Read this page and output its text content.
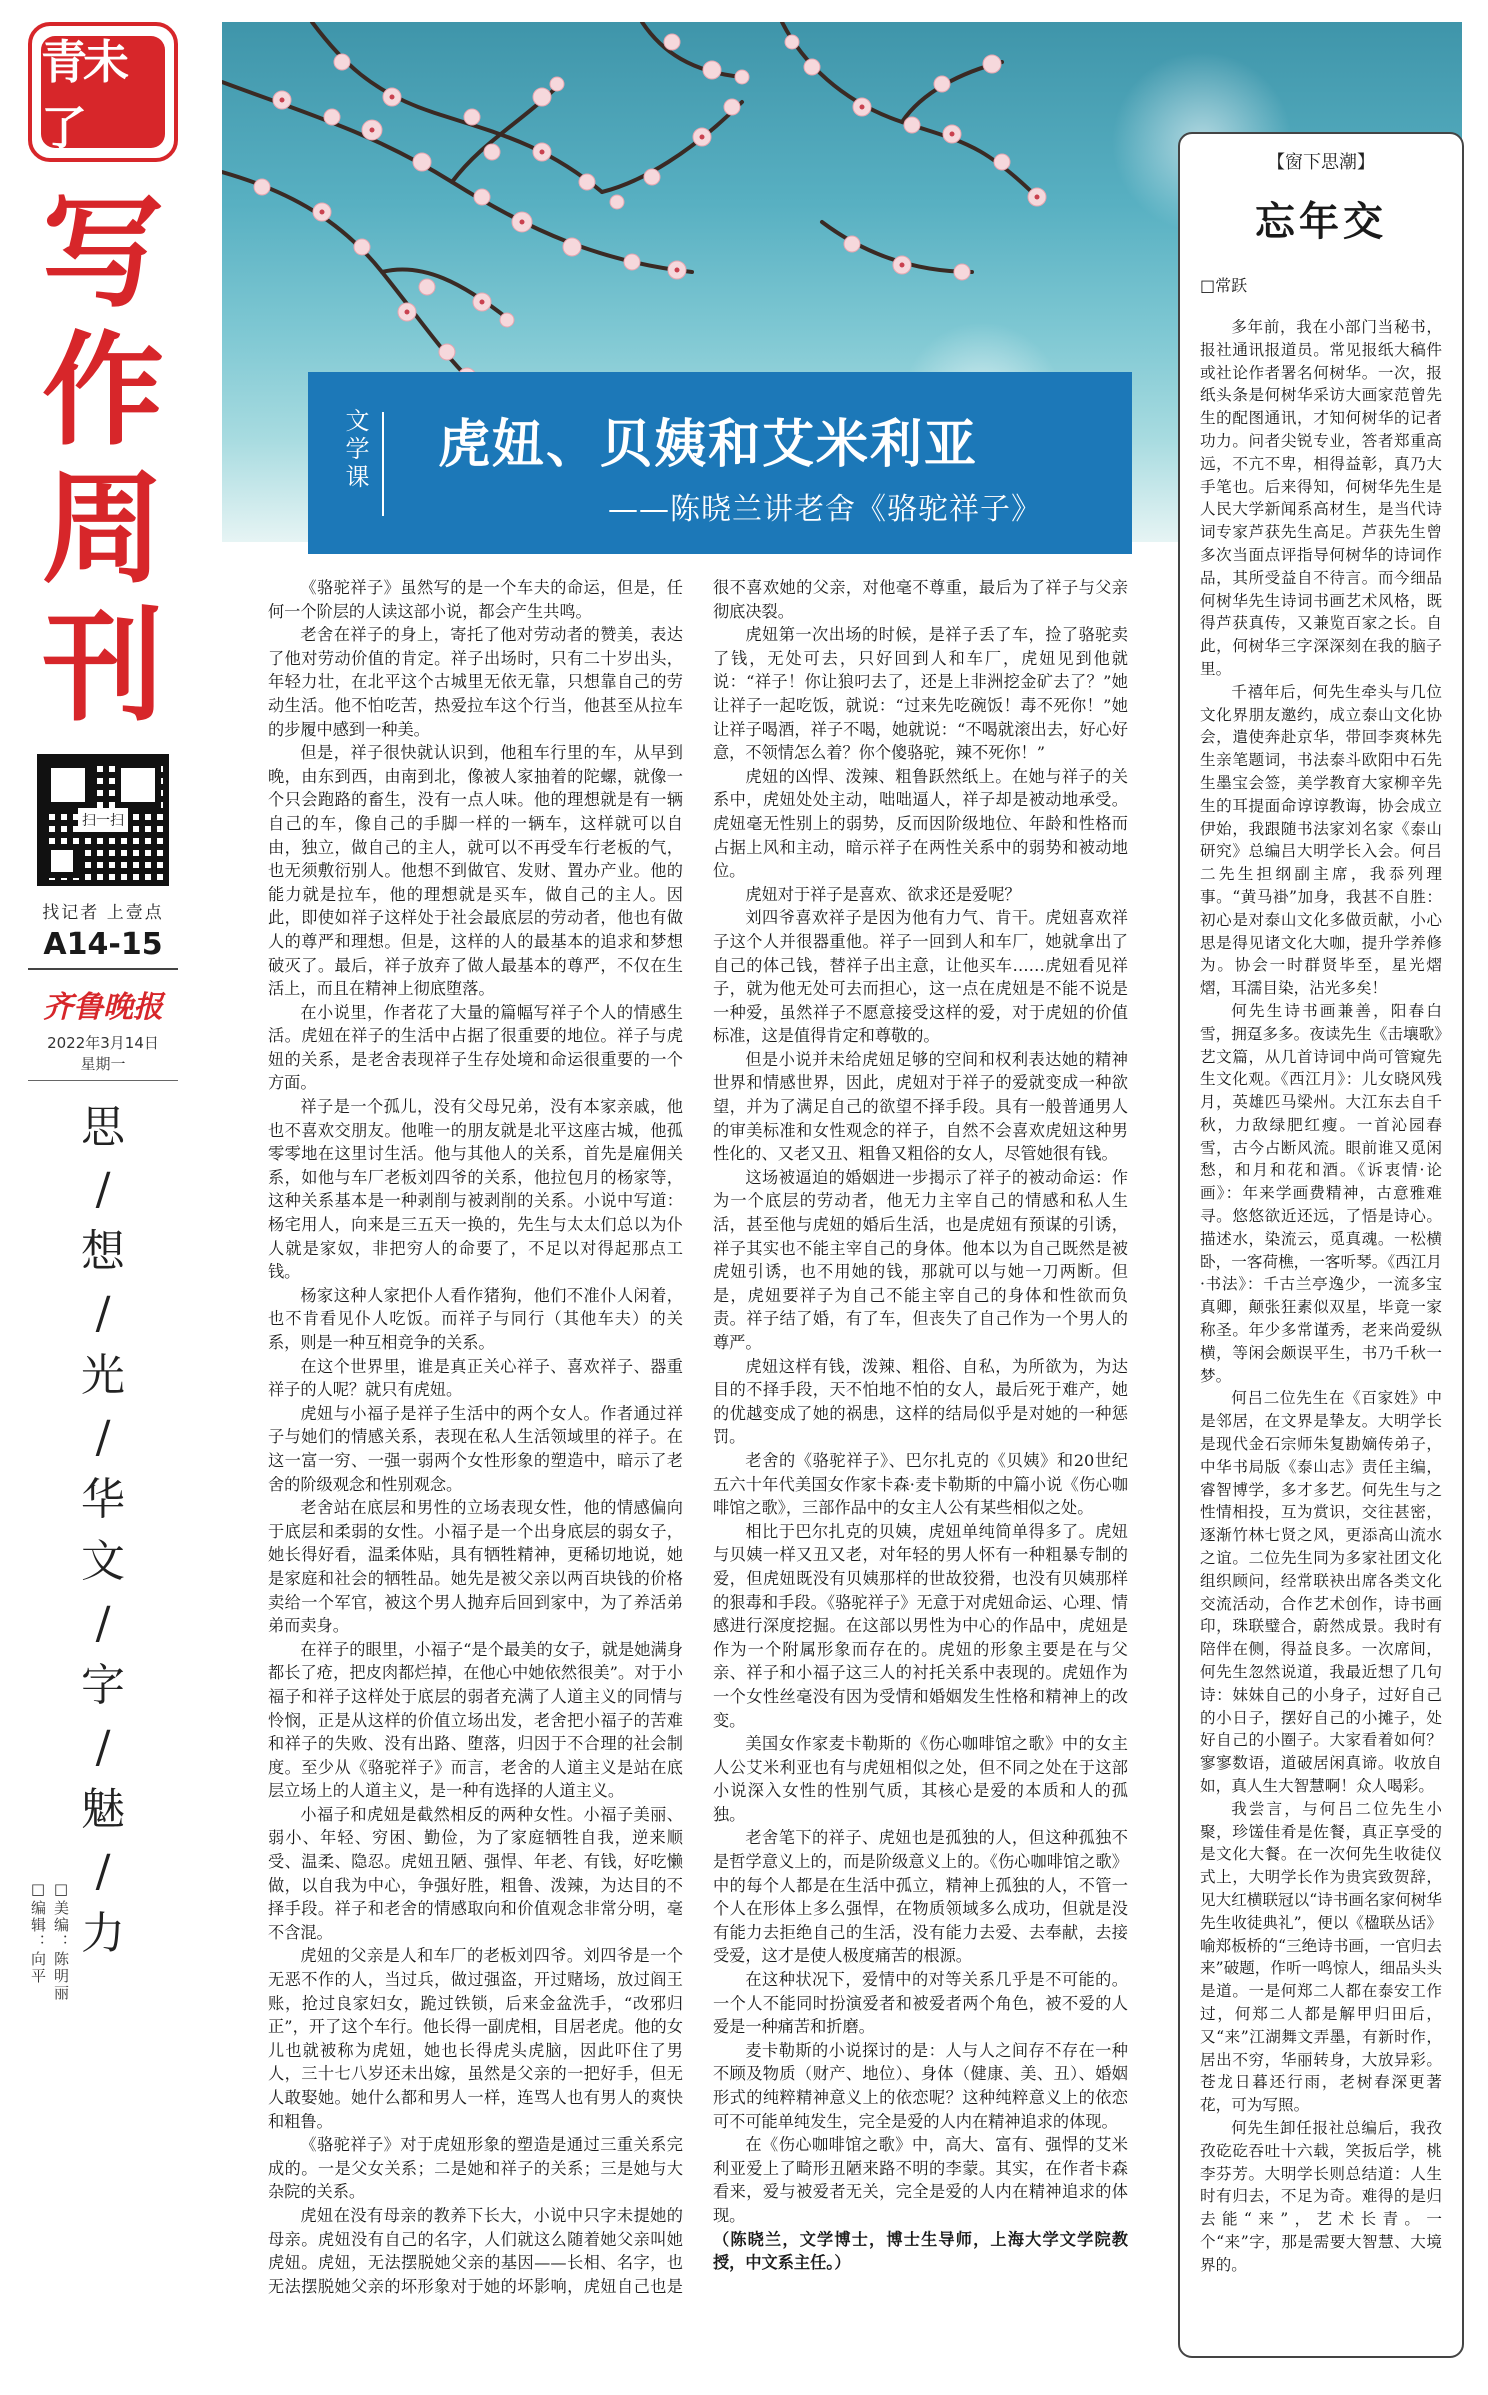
青未了
写
作
周
刊
扫一扫
找记者 上壹点
A14-15
齐鲁晚报
2022年3月14日
星期一
思
/
想
/
光
/
华
文
/
字
/
魅
/
力
□编辑：向平 □美编：陈明丽
文学课 虎妞、贝姨和艾米利亚
——陈晓兰讲老舍《骆驼祥子》

《骆驼祥子》虽然写的是一个车夫的命运，但是，任何一个阶层的人读这部小说，都会产生共鸣。

老舍在祥子的身上，寄托了他对劳动者的赞美，表达了他对劳动价值的肯定。祥子出场时，只有二十岁出头，年轻力壮，在北平这个古城里无依无靠，只想靠自己的劳动生活。他不怕吃苦，热爱拉车这个行当，他甚至从拉车的步履中感到一种美。

但是，祥子很快就认识到，他租车行里的车，从早到晚，由东到西，由南到北，像被人家抽着的陀螺，就像一个只会跑路的畜生，没有一点人味。他的理想就是有一辆自己的车，像自己的手脚一样的一辆车，这样就可以自由，独立，做自己的主人，就可以不再受车行老板的气，也无须敷衍别人。他想不到做官、发财、置办产业。他的能力就是拉车，他的理想就是买车，做自己的主人。因此，即使如祥子这样处于社会最底层的劳动者，他也有做人的尊严和理想。但是，这样的人的最基本的追求和梦想破灭了。最后，祥子放弃了做人最基本的尊严，不仅在生活上，而且在精神上彻底堕落。

在小说里，作者花了大量的篇幅写祥子个人的情感生活。虎妞在祥子的生活中占据了很重要的地位。祥子与虎妞的关系，是老舍表现祥子生存处境和命运很重要的一个方面。

祥子是一个孤儿，没有父母兄弟，没有本家亲戚，他也不喜欢交朋友。他唯一的朋友就是北平这座古城，他孤零零地在这里讨生活。他与其他人的关系，首先是雇佣关系，如他与车厂老板刘四爷的关系，他拉包月的杨家等，这种关系基本是一种剥削与被剥削的关系。小说中写道：杨宅用人，向来是三五天一换的，先生与太太们总以为仆人就是家奴，非把穷人的命要了，不足以对得起那点工钱。

杨家这种人家把仆人看作猪狗，他们不准仆人闲着，也不肯看见仆人吃饭。而祥子与同行（其他车夫）的关系，则是一种互相竞争的关系。

在这个世界里，谁是真正关心祥子、喜欢祥子、器重祥子的人呢？就只有虎妞。

虎妞与小福子是祥子生活中的两个女人。作者通过祥子与她们的情感关系，表现在私人生活领域里的祥子。在这一富一穷、一强一弱两个女性形象的塑造中，暗示了老舍的阶级观念和性别观念。

老舍站在底层和男性的立场表现女性，他的情感偏向于底层和柔弱的女性。小福子是一个出身底层的弱女子，她长得好看，温柔体贴，具有牺牲精神，更稀切地说，她是家庭和社会的牺牲品。她先是被父亲以两百块钱的价格卖给一个军官，被这个男人抛弃后回到家中，为了养活弟弟而卖身。

在祥子的眼里，小福子“是个最美的女子，就是她满身都长了疮，把皮肉都烂掉，在他心中她依然很美”。对于小福子和祥子这样处于底层的弱者充满了人道主义的同情与怜悯，正是从这样的价值立场出发，老舍把小福子的苦难和祥子的失败、没有出路、堕落，归因于不合理的社会制度。至少从《骆驼祥子》而言，老舍的人道主义是站在底层立场上的人道主义，是一种有选择的人道主义。

小福子和虎妞是截然相反的两种女性。小福子美丽、弱小、年轻、穷困、勤俭，为了家庭牺牲自我，逆来顺受、温柔、隐忍。虎妞丑陋、强悍、年老、有钱，好吃懒做，以自我为中心，争强好胜，粗鲁、泼辣，为达目的不择手段。祥子和老舍的情感取向和价值观念非常分明，毫不含混。

虎妞的父亲是人和车厂的老板刘四爷。刘四爷是一个无恶不作的人，当过兵，做过强盗，开过赌场，放过阎王账，抢过良家妇女，跪过铁锁，后来金盆洗手，“改邪归正”，开了这个车行。他长得一副虎相，目居老虎。他的女儿也就被称为虎妞，她也长得虎头虎脑，因此吓住了男人，三十七八岁还未出嫁，虽然是父亲的一把好手，但无人敢娶她。她什么都和男人一样，连骂人也有男人的爽快和粗鲁。

《骆驼祥子》对于虎妞形象的塑造是通过三重关系完成的。一是父女关系；二是她和祥子的关系；三是她与大杂院的关系。

虎妞在没有母亲的教养下长大，小说中只字未提她的母亲。虎妞没有自己的名字，人们就这么随着她父亲叫她虎妞。虎妞，无法摆脱她父亲的基因——长相、名字，也无法摆脱她父亲的坏形象对于她的坏影响，虎妞自己也是很不喜欢她的父亲，对他毫不尊重，最后为了祥子与父亲彻底决裂。

虎妞第一次出场的时候，是祥子丢了车，捡了骆驼卖了钱，无处可去，只好回到人和车厂，虎妞见到他就说：“祥子！你让狼叼去了，还是上非洲挖金矿去了？”她让祥子一起吃饭，就说：“过来先吃碗饭！毒不死你！”她让祥子喝酒，祥子不喝，她就说：“不喝就滚出去，好心好意，不领情怎么着？你个傻骆驼，辣不死你！”

虎妞的凶悍、泼辣、粗鲁跃然纸上。在她与祥子的关系中，虎妞处处主动，咄咄逼人，祥子却是被动地承受。虎妞毫无性别上的弱势，反而因阶级地位、年龄和性格而占据上风和主动，暗示祥子在两性关系中的弱势和被动地位。

虎妞对于祥子是喜欢、欲求还是爱呢？

刘四爷喜欢祥子是因为他有力气、肯干。虎妞喜欢祥子这个人并很器重他。祥子一回到人和车厂，她就拿出了自己的体己钱，替祥子出主意，让他买车……虎妞看见祥子，就为他无处可去而担心，这一点在虎妞是不能不说是一种爱，虽然祥子不愿意接受这样的爱，对于虎妞的价值标准，这是值得肯定和尊敬的。

但是小说并未给虎妞足够的空间和权利表达她的精神世界和情感世界，因此，虎妞对于祥子的爱就变成一种欲望，并为了满足自己的欲望不择手段。具有一般普通男人的审美标准和女性观念的祥子，自然不会喜欢虎妞这种男性化的、又老又丑、粗鲁又粗俗的女人，尽管她很有钱。

这场被逼迫的婚姻进一步揭示了祥子的被动命运：作为一个底层的劳动者，他无力主宰自己的情感和私人生活，甚至他与虎妞的婚后生活，也是虎妞有预谋的引诱，祥子其实也不能主宰自己的身体。他本以为自己既然是被虎妞引诱，也不用她的钱，那就可以与她一刀两断。但是，虎妞要祥子为自己不能主宰自己的身体和性欲而负责。祥子结了婚，有了车，但丧失了自己作为一个男人的尊严。

虎妞这样有钱，泼辣、粗俗、自私，为所欲为，为达目的不择手段，天不怕地不怕的女人，最后死于难产，她的优越变成了她的祸患，这样的结局似乎是对她的一种惩罚。

老舍的《骆驼祥子》、巴尔扎克的《贝姨》和20世纪五六十年代美国女作家卡森·麦卡勒斯的中篇小说《伤心咖啡馆之歌》，三部作品中的女主人公有某些相似之处。

相比于巴尔扎克的贝姨，虎妞单纯简单得多了。虎妞与贝姨一样又丑又老，对年轻的男人怀有一种粗暴专制的爱，但虎妞既没有贝姨那样的世故狡猾，也没有贝姨那样的狠毒和手段。《骆驼祥子》无意于对虎妞命运、心理、情感进行深度挖掘。在这部以男性为中心的作品中，虎妞是作为一个附属形象而存在的。虎妞的形象主要是在与父亲、祥子和小福子这三人的衬托关系中表现的。虎妞作为一个女性丝毫没有因为受情和婚姻发生性格和精神上的改变。

美国女作家麦卡勒斯的《伤心咖啡馆之歌》中的女主人公艾米利亚也有与虎妞相似之处，但不同之处在于这部小说深入女性的性别气质，其核心是爱的本质和人的孤独。

老舍笔下的祥子、虎妞也是孤独的人，但这种孤独不是哲学意义上的，而是阶级意义上的。《伤心咖啡馆之歌》中的每个人都是在生活中孤立，精神上孤独的人，不管一个人在形体上多么强悍，在物质领域多么成功，但就是没有能力去拒绝自己的生活，没有能力去爱、去奉献，去接受爱，这才是使人极度痛苦的根源。

在这种状况下，爱情中的对等关系几乎是不可能的。一个人不能同时扮演爱者和被爱者两个角色，被不爱的人爱是一种痛苦和折磨。

麦卡勒斯的小说探讨的是：人与人之间存不存在一种不顾及物质（财产、地位）、身体（健康、美、丑）、婚姻形式的纯粹精神意义上的依恋呢？这种纯粹意义上的依恋可不可能单纯发生，完全是爱的人内在精神追求的体现。

在《伤心咖啡馆之歌》中，高大、富有、强悍的艾米利亚爱上了畸形丑陋来路不明的李蒙。其实，在作者卡森看来，爱与被爱者无关，完全是爱的人内在精神追求的体现。

（陈晓兰，文学博士，博士生导师，上海大学文学院教授，中文系主任。）

【窗下思潮】
忘年交
□常跃

多年前，我在小部门当秘书，报社通讯报道员。常见报纸大稿件或社论作者署名何树华。一次，报纸头条是何树华采访大画家范曾先生的配图通讯，才知何树华的记者功力。问者尖锐专业，答者郑重高远，不亢不卑，相得益彰，真乃大手笔也。后来得知，何树华先生是人民大学新闻系高材生，是当代诗词专家芦获先生高足。芦获先生曾多次当面点评指导何树华的诗词作品，其所受益自不待言。而今细品何树华先生诗词书画艺术风格，既得芦获真传，又兼览百家之长。自此，何树华三字深深刻在我的脑子里。

千禧年后，何先生牵头与几位文化界朋友邀约，成立泰山文化协会，遣使奔赴京华，带回李爽林先生亲笔题词，书法泰斗欧阳中石先生墨宝会签，美学教育大家柳辛先生的耳提面命谆谆教诲，协会成立伊始，我跟随书法家刘名家《泰山研究》总编吕大明学长入会。何吕二先生担纲副主席，我忝列理事。“黄马褂”加身，我甚不自胜：初心是对泰山文化多做贡献，小心思是得见诸文化大咖，提升学养修为。协会一时群贤毕至，星光熠熠，耳濡目染，沾光多矣！

何先生诗书画兼善，阳春白雪，拥趸多多。夜读先生《击壤歌》艺文篇，从几首诗词中尚可管窥先生文化观。《西江月》：儿女晓风残月，英雄匹马梁州。大江东去自千秋，力敌绿肥红瘦。一首沁园春雪，古今占断风流。眼前谁又觅闲愁，和月和花和酒。《诉衷情·论画》：年来学画费精神，古意雅难寻。悠悠欲近还远，了悟是诗心。描述水，染流云，觅真魂。一松横卧，一客荷樵，一客听琴。《西江月·书法》：千古兰亭逸少，一流多宝真卿，颠张狂素似双星，毕竟一家称圣。年少多常谨秀，老来尚爱纵横，等闲会颇误平生，书乃千秋一梦。

何吕二位先生在《百家姓》中是邻居，在文界是挚友。大明学长是现代金石宗师朱复勘嫡传弟子，中华书局版《泰山志》责任主编，睿智博学，多才多艺。何先生与之性情相投，互为赏识，交往甚密，逐渐竹林七贤之风，更添高山流水之谊。二位先生同为多家社团文化组织顾问，经常联袂出席各类文化交流活动，合作艺术创作，诗书画印，珠联璧合，蔚然成景。我时有陪伴在侧，得益良多。一次席间，何先生忽然说道，我最近想了几句诗：妹妹自己的小身子，过好自己的小日子，摆好自己的小摊子，处好自己的小圈子。大家看着如何？寥寥数语，道破居闲真谛。收放自如，真人生大智慧啊！众人喝彩。

我尝言，与何吕二位先生小聚，珍馐佳肴是佐餐，真正享受的是文化大餐。在一次何先生收徒仪式上，大明学长作为贵宾致贺辞，见大红横联冠以“诗书画名家何树华先生收徒典礼”，便以《楹联丛话》喻郑板桥的“三绝诗书画，一官归去来”破题，作听一鸣惊人，细品头头是道。一是何郑二人都在泰安工作过，何郑二人都是解甲归田后，又“来”江湖舞文弄墨，有新时作，居出不穷，华丽转身，大放异彩。苍龙日暮还行雨，老树春深更著花，可为写照。

何先生卸任报社总编后，我孜孜矻矻吞吐十六载，笑扳后学，桃李芬芳。大明学长则总结道：人生时有归去，不足为奇。难得的是归去能“来”，艺术长青。一个“来”字，那是需要大智慧、大境界的。
